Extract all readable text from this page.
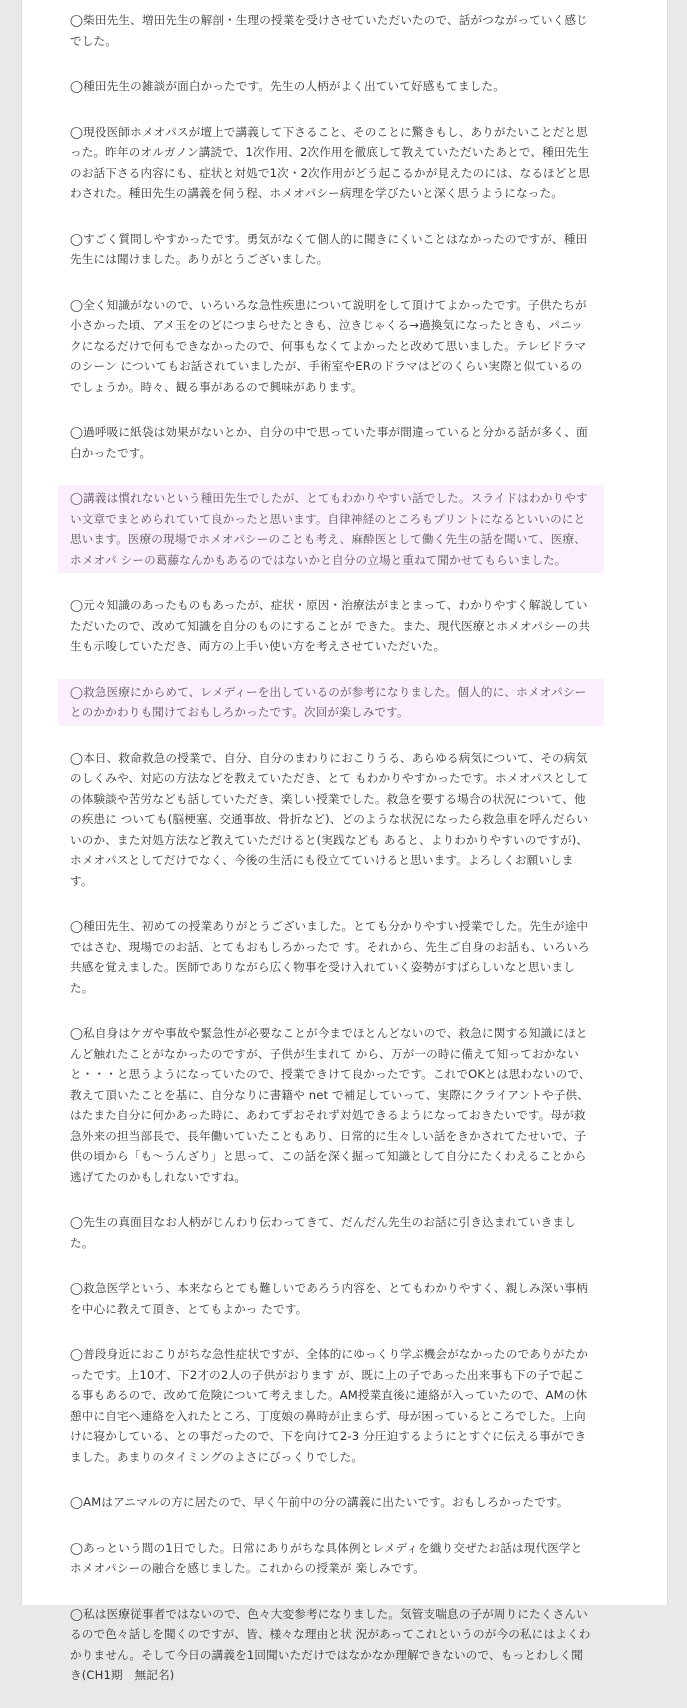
◯柴田先生、増田先生の解剖・生理の授業を受けさせていただいたので、話がつながっていく感じでした。
◯種田先生の雑談が面白かったです。先生の人柄がよく出ていて好感もてました。
◯現役医師ホメオパスが壇上で講義して下さること、そのことに驚きもし、ありがたいことだと思った。昨年のオルガノン講読で、1次作用、2次作用を徹底して教えていただいたあとで、種田先生のお話下さる内容にも、症状と対処で1次・2次作用がどう起こるかが見えたのには、なるほどと思わされた。種田先生の講義を伺う程、ホメオパシー病理を学びたいと深く思うようになった。
◯すごく質問しやすかったです。勇気がなくて個人的に聞きにくいことはなかったのですが、種田先生には聞けました。ありがとうございました。
◯全く知識がないので、いろいろな急性疾患について説明をして頂けてよかったです。子供たちが小さかった頃、アメ玉をのどにつまらせたときも、泣きじゃくる→過換気になったときも、パニックになるだけで何もできなかったので、何事もなくてよかったと改めて思いました。テレビドラマのシーン についてもお話されていましたが、手術室やERのドラマはどのくらい実際と似ているのでしょうか。時々、観る事があるので興味があります。
◯過呼吸に紙袋は効果がないとか、自分の中で思っていた事が間違っていると分かる話が多く、面白かったです。
◯講義は慣れないという種田先生でしたが、とてもわかりやすい話でした。スライドはわかりやすい文章でまとめられていて良かったと思います。自律神経のところもプリントになるといいのにと思います。医療の現場でホメオパシーのことも考え、麻酔医として働く先生の話を聞いて、医療、ホメオパ シーの葛藤なんかもあるのではないかと自分の立場と重ねて聞かせてもらいました。
◯元々知識のあったものもあったが、症状・原因・治療法がまとまって、わかりやすく解説していただいたので、改めて知識を自分のものにすることが できた。また、現代医療とホメオパシーの共生も示唆していただき、両方の上手い使い方を考えさせていただいた。
◯救急医療にからめて、レメディーを出しているのが参考になりました。個人的に、ホメオパシーとのかかわりも聞けておもしろかったです。次回が楽しみです。
◯本日、救命救急の授業で、自分、自分のまわりにおこりうる、あらゆる病気について、その病気のしくみや、対応の方法などを教えていただき、とて もわかりやすかったです。ホメオパスとしての体験談や苦労なども話していただき、楽しい授業でした。救急を要する場合の状況について、他の疾患に ついても(脳梗塞、交通事故、骨折など)、どのような状況になったら救急車を呼んだらいいのか、また対処方法など教えていただけると(実践なども あると、よりわかりやすいのですが)、ホメオパスとしてだけでなく、今後の生活にも役立てていけると思います。よろしくお願いしま す。
◯種田先生、初めての授業ありがとうございました。とても分かりやすい授業でした。先生が途中ではさむ、現場でのお話、とてもおもしろかったで す。それから、先生ご自身のお話も、いろいろ共感を覚えました。医師でありながら広く物事を受け入れていく姿勢がすばらしいなと思いました。
◯私自身はケガや事故や緊急性が必要なことが今までほとんどないので、救急に関する知識にほとんど触れたことがなかったのですが、子供が生まれて から、万が一の時に備えて知っておかないと・・・と思うようになっていたので、授業できけて良かったです。これでOKとは思わないので、教えて頂いたことを基に、自分なりに書籍や net で補足していって、実際にクライアントや子供、はたまた自分に何かあった時に、あわてずおそれず対処できるようになっておきたいです。母が救急外来の担当部長で、長年働いていたこともあり、日常的に生々しい話をきかされてたせいで、子供の頃から「も〜うんざり」と思って、この話を深く掘って知識として自分にたくわえることから逃げてたのかもしれないですね。
◯先生の真面目なお人柄がじんわり伝わってきて、だんだん先生のお話に引き込まれていきました。
◯救急医学という、本来ならとても難しいであろう内容を、とてもわかりやすく、親しみ深い事柄を中心に教えて頂き、とてもよかっ たです。
◯普段身近におこりがちな急性症状ですが、全体的にゆっくり学ぶ機会がなかったのでありがたかったです。上10才、下2才の2人の子供がおります が、既に上の子であった出来事も下の子で起こる事もあるので、改めて危険について考えました。AM授業直後に連絡が入っていたので、AMの休憩中に自宅へ連絡を入れたところ、丁度娘の鼻時が止まらず、母が困っているところでした。上向けに寝かしている、との事だったので、下を向けて2-3 分圧迫するようにとすぐに伝える事ができました。あまりのタイミングのよさにびっくりでした。
◯AMはアニマルの方に居たので、早く午前中の分の講義に出たいです。おもしろかったです。
◯あっという間の1日でした。日常にありがちな具体例とレメディを織り交ぜたお話は現代医学とホメオパシーの融合を感じました。これからの授業が 楽しみです。
◯私は医療従事者ではないので、色々大変参考になりました。気管支喘息の子が周りにたくさんいるので色々話しを聞くのですが、皆、様々な理由と状 況があってこれというのが今の私にはよくわかりません。そして今日の講義を1回聞いただけではなかなか理解できないので、もっとわしく聞き(CH1期　無記名)
